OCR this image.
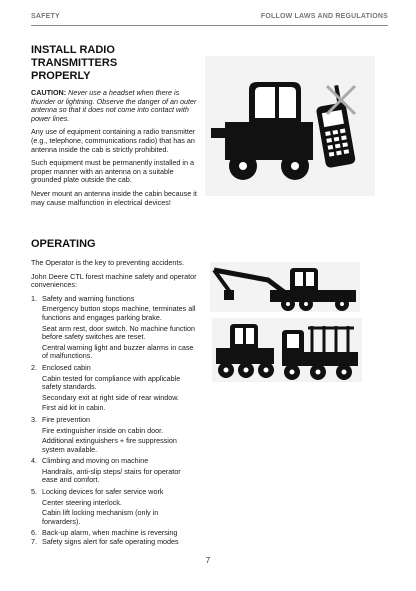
SAFETY	FOLLOW LAWS AND REGULATIONS
INSTALL RADIO TRANSMITTERS
PROPERLY

CAUTION: Never use a headset when there is thunder or lightning. Observe the danger of an outer antenna so that it does not come into contact with power lines.

Any use of equipment containing a radio transmitter (e.g., telephone, communications radio) that has an antenna inside the cab is strictly prohibited.

Such equipment must be permanently installed in a proper manner with an antenna on a suitable grounded plate outside the cab.

Never mount an antenna inside the cabin because it may cause malfunction in electrical devices!

OPERATING

The Operator is the key to preventing accidents.

John Deere CTL forest machine safety and operator conveniences:

1. Safety and warning functions
Emergency button stops machine, terminates all functions and engages parking brake.
Seat arm rest, door switch. No machine function before safety switches are reset.
Central warning light and buzzer alarms in case of malfunctions.
2. Enclosed cabin
Cabin tested for compliance with applicable safety standards.
Secondary exit at right side of rear window.
First aid kit in cabin.
3. Fire prevention
Fire extinguisher inside on cabin door.
Additional extinguishers + fire suppression system available.
4. Climbing and moving on machine
Handrails, anti-slip steps/ stairs for operator ease and comfort.
5. Locking devices for safer service work
Center steering interlock.
Cabin lift locking mechanism (only in forwarders).
6. Back-up alarm, when machine is reversing
7. Safety signs alert for safe operating modes
7
